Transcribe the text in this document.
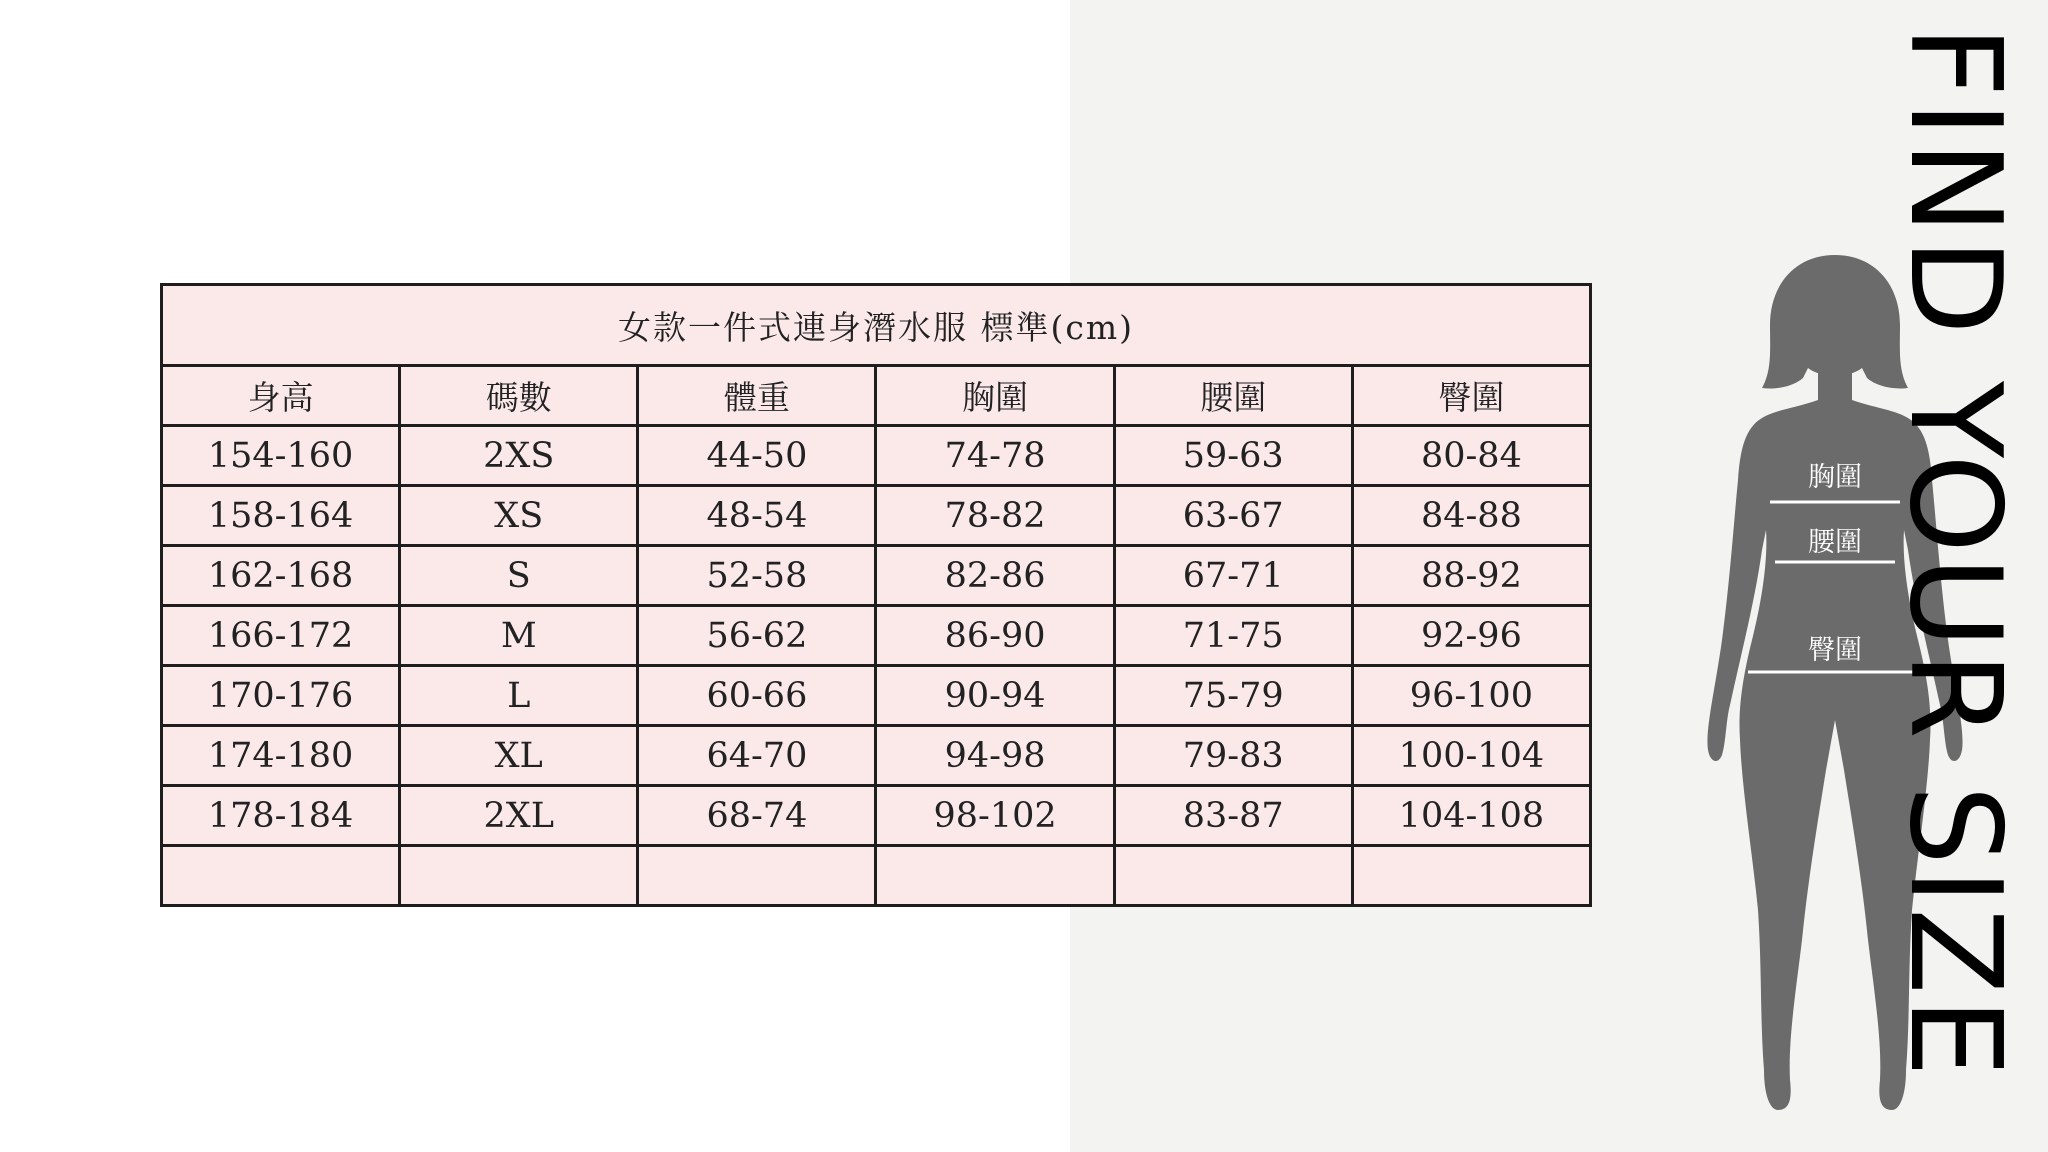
女款一件式連身潛水服 標準(cm)					
身高	碼數	體重	胸圍	腰圍	臀圍
154-160	2XS	44-50	74-78	59-63	80-84
158-164	XS	48-54	78-82	63-67	84-88
162-168	S	52-58	82-86	67-71	88-92
166-172	M	56-62	86-90	71-75	92-96
170-176	L	60-66	90-94	75-79	96-100
174-180	XL	64-70	94-98	79-83	100-104
178-184	2XL	68-74	98-102	83-87	104-108

胸圍
腰圍
臀圍 FIND YOUR SIZE
